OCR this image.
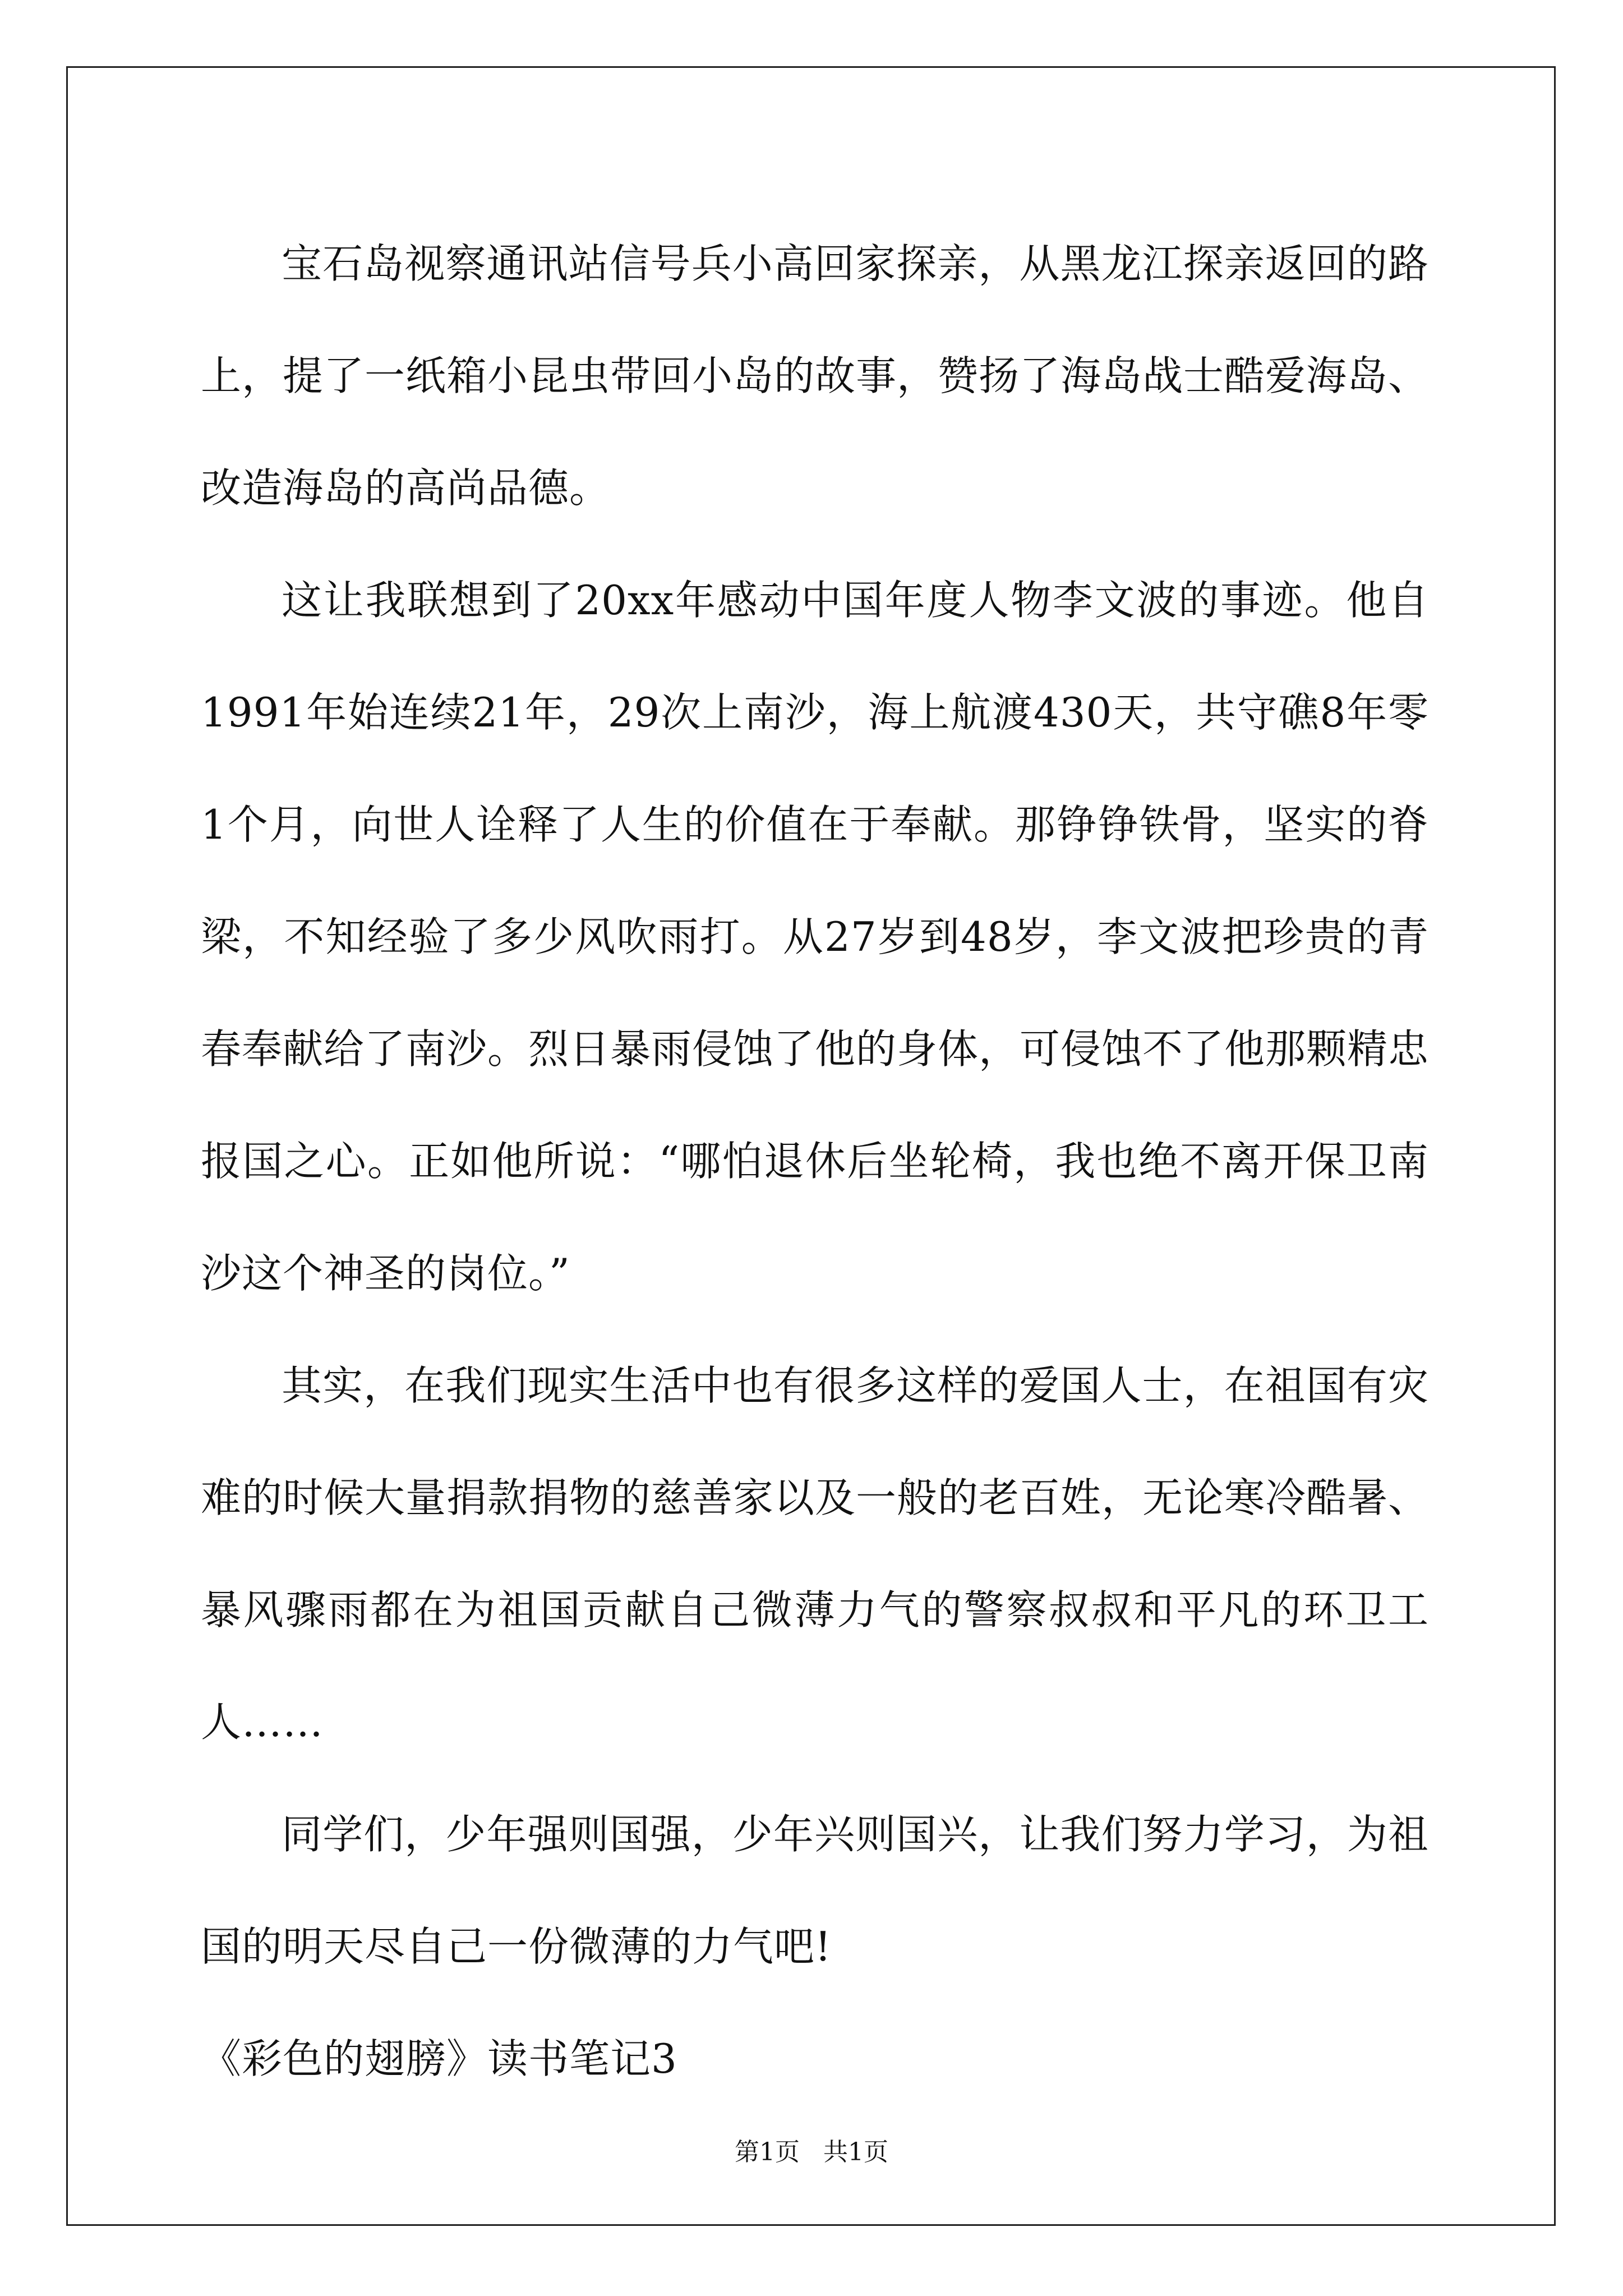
宝石岛视察通讯站信号兵小高回家探亲，从黑龙江探亲返回的路上，提了一纸箱小昆虫带回小岛的故事，赞扬了海岛战士酷爱海岛、改造海岛的高尚品德。

这让我联想到了20xx年感动中国年度人物李文波的事迹。他自1991年始连续21年，29次上南沙，海上航渡430天，共守礁8年零1个月，向世人诠释了人生的价值在于奉献。那铮铮铁骨，坚实的脊梁，不知经验了多少风吹雨打。从27岁到48岁，李文波把珍贵的青春奉献给了南沙。烈日暴雨侵蚀了他的身体，可侵蚀不了他那颗精忠报国之心。正如他所说：“哪怕退休后坐轮椅，我也绝不离开保卫南沙这个神圣的岗位。”

其实，在我们现实生活中也有很多这样的爱国人士，在祖国有灾难的时候大量捐款捐物的慈善家以及一般的老百姓，无论寒冷酷暑、暴风骤雨都在为祖国贡献自己微薄力气的警察叔叔和平凡的环卫工人……

同学们，少年强则国强，少年兴则国兴，让我们努力学习，为祖国的明天尽自己一份微薄的力气吧!

《彩色的翅膀》读书笔记3

第1页 共1页
